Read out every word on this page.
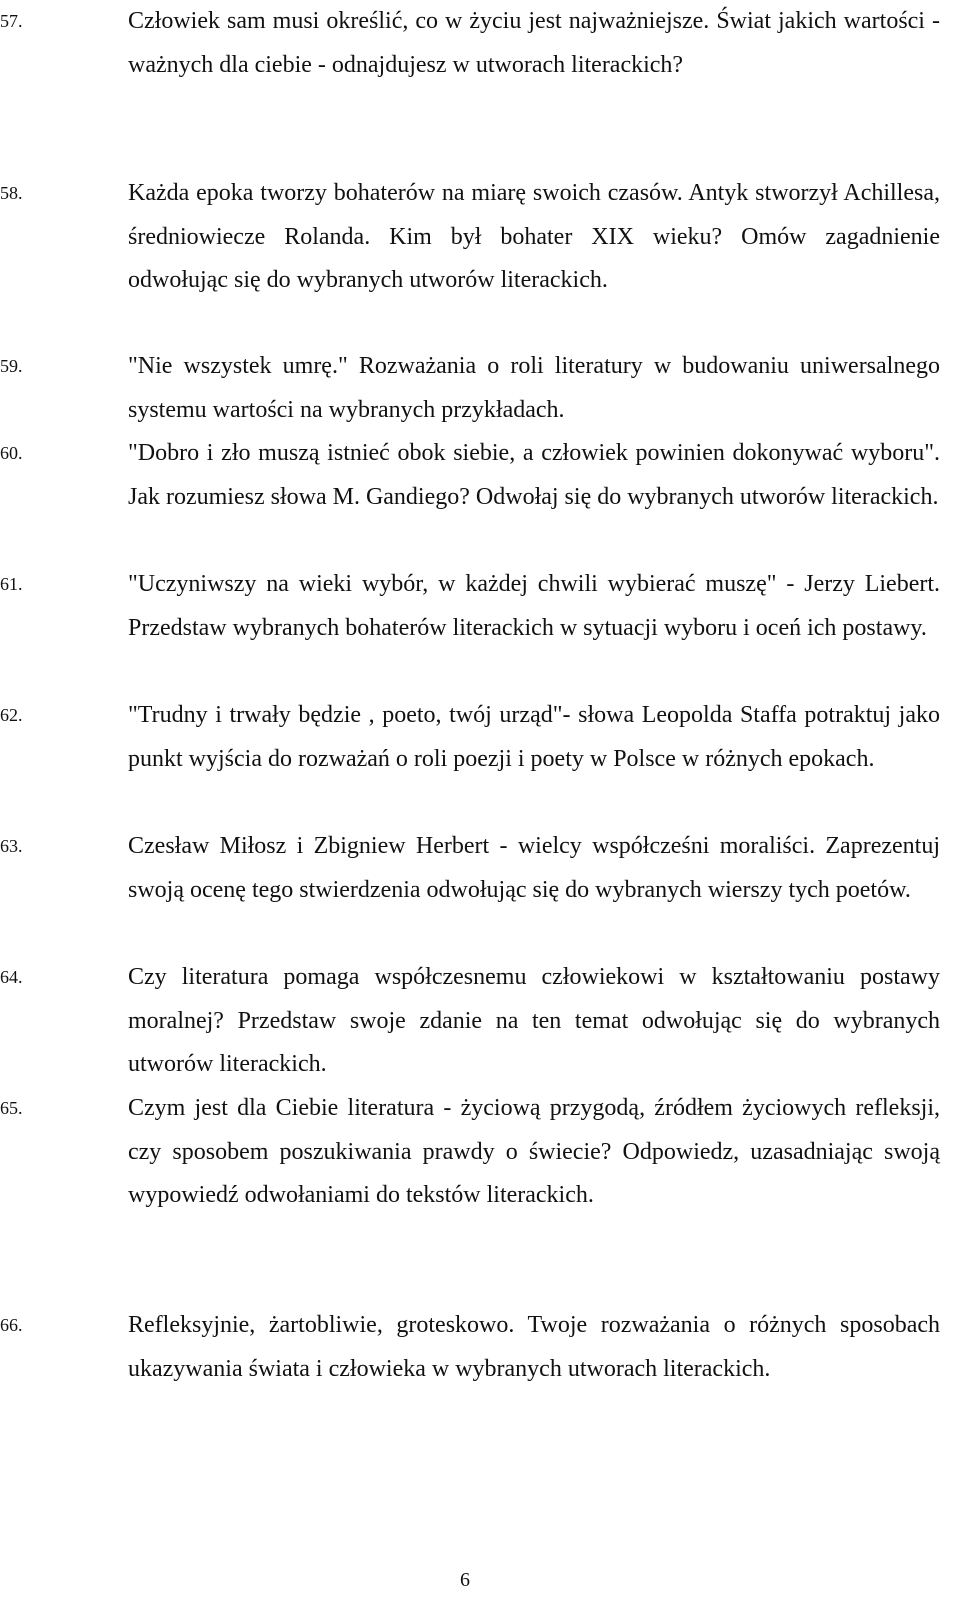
57.	Człowiek sam musi określić, co w życiu jest najważniejsze. Świat jakich wartości - ważnych dla ciebie - odnajdujesz w utworach literackich?
58.	Każda epoka tworzy bohaterów na miarę swoich czasów. Antyk stworzył Achillesa, średniowiecze Rolanda. Kim był bohater XIX wieku? Omów zagadnienie odwołując się do wybranych utworów literackich.
59.	"Nie wszystek umrę." Rozważania o roli literatury w budowaniu uniwersalnego systemu wartości na wybranych przykładach.
60.	"Dobro i zło muszą istnieć obok siebie, a człowiek powinien dokonywać wyboru". Jak rozumiesz słowa M. Gandiego? Odwołaj się do wybranych utworów literackich.
61.	"Uczyniwszy na wieki wybór, w każdej chwili wybierać muszę" - Jerzy Liebert. Przedstaw wybranych bohaterów literackich w sytuacji wyboru i oceń ich postawy.
62.	"Trudny i trwały będzie , poeto, twój urząd"- słowa Leopolda Staffa potraktuj jako punkt wyjścia do rozważań o roli poezji i poety w Polsce w różnych epokach.
63.	Czesław Miłosz i Zbigniew Herbert - wielcy współcześni moraliści. Zaprezentuj swoją ocenę tego stwierdzenia odwołując się do wybranych wierszy tych poetów.
64.	Czy literatura pomaga współczesnemu człowiekowi w kształtowaniu postawy moralnej? Przedstaw swoje zdanie na ten temat odwołując się do wybranych utworów literackich.
65.	Czym jest dla Ciebie literatura - życiową przygodą, źródłem życiowych refleksji, czy sposobem poszukiwania prawdy o świecie? Odpowiedz, uzasadniając swoją wypowiedź odwołaniami do tekstów literackich.
66.	Refleksyjnie, żartobliwie, groteskowo. Twoje rozważania o różnych sposobach ukazywania świata i człowieka w wybranych utworach literackich.
6
